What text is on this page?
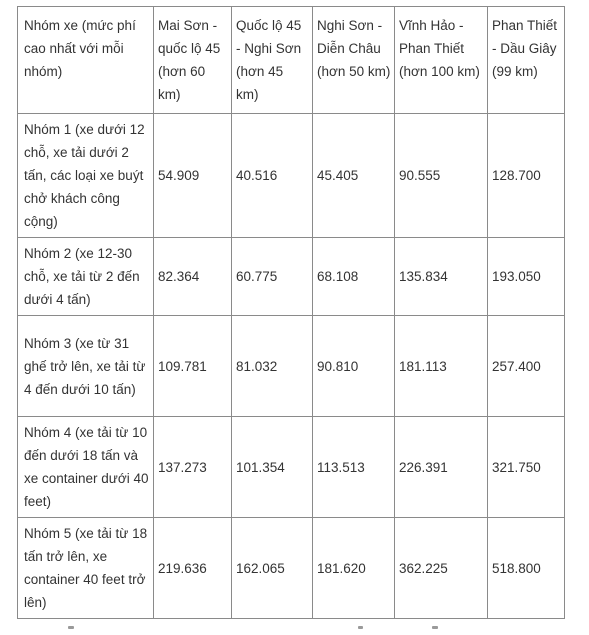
Nhóm xe (mức phí cao nhất với mỗi nhóm)	Mai Sơn - quốc lộ 45 (hơn 60 km)	Quốc lộ 45 - Nghi Sơn (hơn 45 km)	Nghi Sơn - Diễn Châu (hơn 50 km)	Vĩnh Hảo - Phan Thiết (hơn 100 km)	Phan Thiết - Dầu Giây (99 km)
Nhóm 1 (xe dưới 12 chỗ, xe tải dưới 2 tấn, các loại xe buýt chở khách công cộng)	54.909	40.516	45.405	90.555	128.700
Nhóm 2 (xe 12-30 chỗ, xe tải từ 2 đến dưới 4 tấn)	82.364	60.775	68.108	135.834	193.050
Nhóm 3 (xe từ 31 ghế trở lên, xe tải từ 4 đến dưới 10 tấn)	109.781	81.032	90.810	181.113	257.400
Nhóm 4 (xe tải từ 10 đến dưới 18 tấn và xe container dưới 40 feet)	137.273	101.354	113.513	226.391	321.750
Nhóm 5 (xe tải từ 18 tấn trở lên, xe container 40 feet trở lên)	219.636	162.065	181.620	362.225	518.800
